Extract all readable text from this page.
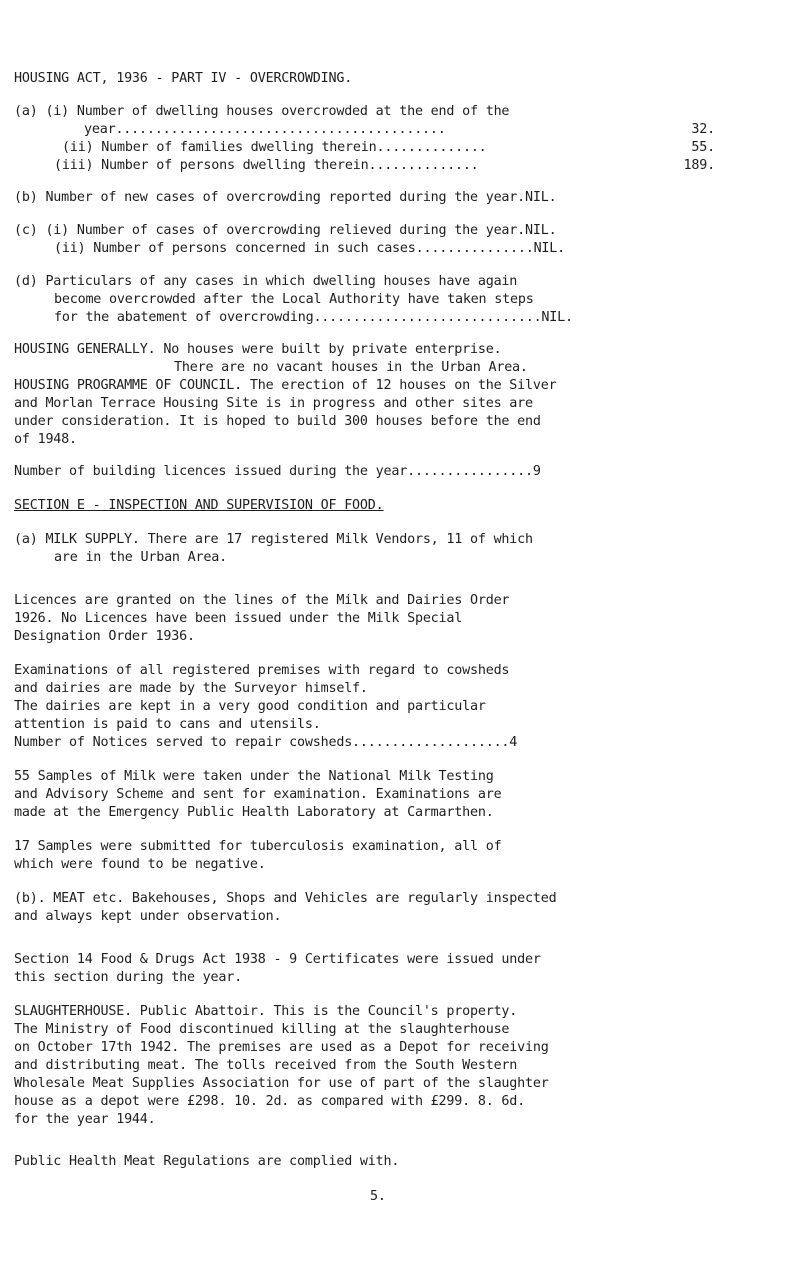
HOUSING ACT, 1936 - PART IV - OVERCROWDING.
(a) (i) Number of dwelling houses overcrowded at the end of the
year..........................................	32.
(ii) Number of families dwelling therein..............	55.
(iii) Number of persons dwelling therein..............	189.
(b) Number of new cases of overcrowding reported during the year.NIL.
(c) (i) Number of cases of overcrowding relieved during the year.NIL.
(ii) Number of persons concerned in such cases...............NIL.
(d) Particulars of any cases in which dwelling houses have again
become overcrowded after the Local Authority have taken steps
for the abatement of overcrowding.............................NIL.
HOUSING GENERALLY. No houses were built by private enterprise.
There are no vacant houses in the Urban Area.
HOUSING PROGRAMME OF COUNCIL. The erection of 12 houses on the Silver
and Morlan Terrace Housing Site is in progress and other sites are
under consideration. It is hoped to build 300 houses before the end
of 1948.
Number of building licences issued during the year................9
SECTION E - INSPECTION AND SUPERVISION OF FOOD.
(a) MILK SUPPLY. There are 17 registered Milk Vendors, 11 of which
are in the Urban Area.
Licences are granted on the lines of the Milk and Dairies Order
1926. No Licences have been issued under the Milk Special
Designation Order 1936.
Examinations of all registered premises with regard to cowsheds
and dairies are made by the Surveyor himself.
The dairies are kept in a very good condition and particular
attention is paid to cans and utensils.
Number of Notices served to repair cowsheds....................4
55 Samples of Milk were taken under the National Milk Testing
and Advisory Scheme and sent for examination. Examinations are
made at the Emergency Public Health Laboratory at Carmarthen.
17 Samples were submitted for tuberculosis examination, all of
which were found to be negative.
(b). MEAT etc. Bakehouses, Shops and Vehicles are regularly inspected
and always kept under observation.
Section 14 Food & Drugs Act 1938 - 9 Certificates were issued under
this section during the year.
SLAUGHTERHOUSE. Public Abattoir. This is the Council's property.
The Ministry of Food discontinued killing at the slaughterhouse
on October 17th 1942. The premises are used as a Depot for receiving
and distributing meat. The tolls received from the South Western
Wholesale Meat Supplies Association for use of part of the slaughter
house as a depot were £298. 10. 2d. as compared with £299. 8. 6d.
for the year 1944.
Public Health Meat Regulations are complied with.
5.
